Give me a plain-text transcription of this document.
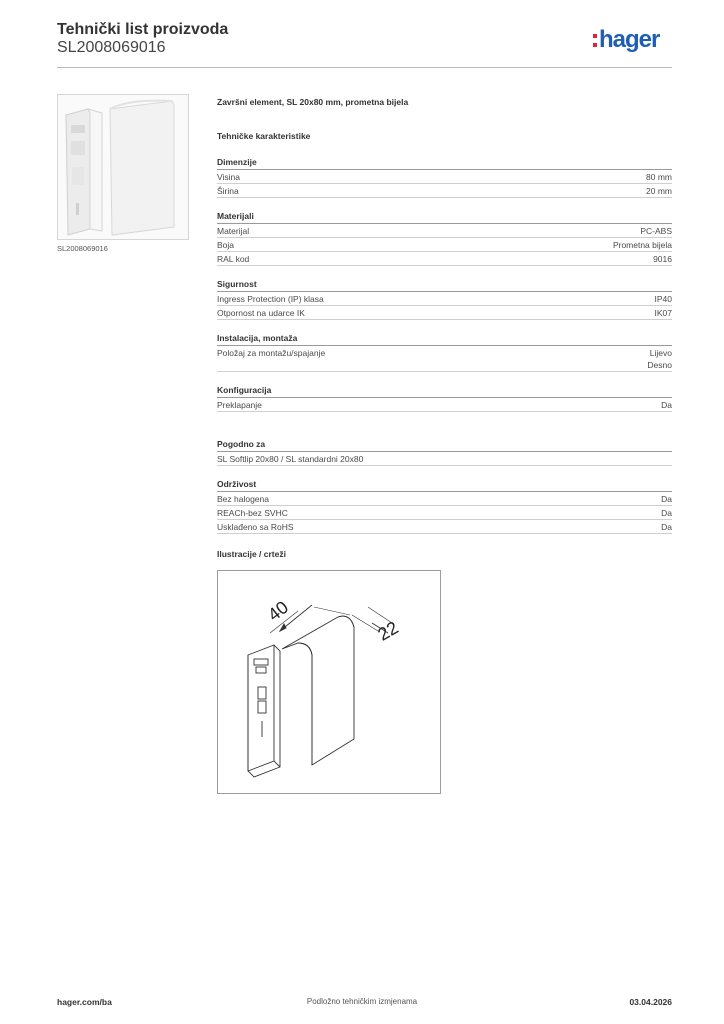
Tehnički list proizvoda
SL2008069016	hager
SL2008069016
Završni element, SL 20x80 mm, prometna bijela
Tehničke karakteristike
Dimenzije
Visina	80 mm
Širina	20 mm
Materijali
Materijal	PC-ABS
Boja	Prometna bijela
RAL kod	9016
Sigurnost
Ingress Protection (IP) klasa	IP40
Otpornost na udarce IK	IK07
Instalacija, montaža
Položaj za montažu/spajanje	Lijevo
Desno
Konfiguracija
Preklapanje	Da
Pogodno za
SL Softlip 20x80 / SL standardni 20x80
Održivost
Bez halogena	Da
REACh-bez SVHC	Da
Usklađeno sa RoHS	Da
Ilustracije / crteži
40
22
Podložno tehničkim izmjenama
hager.com/ba	03.04.2026
